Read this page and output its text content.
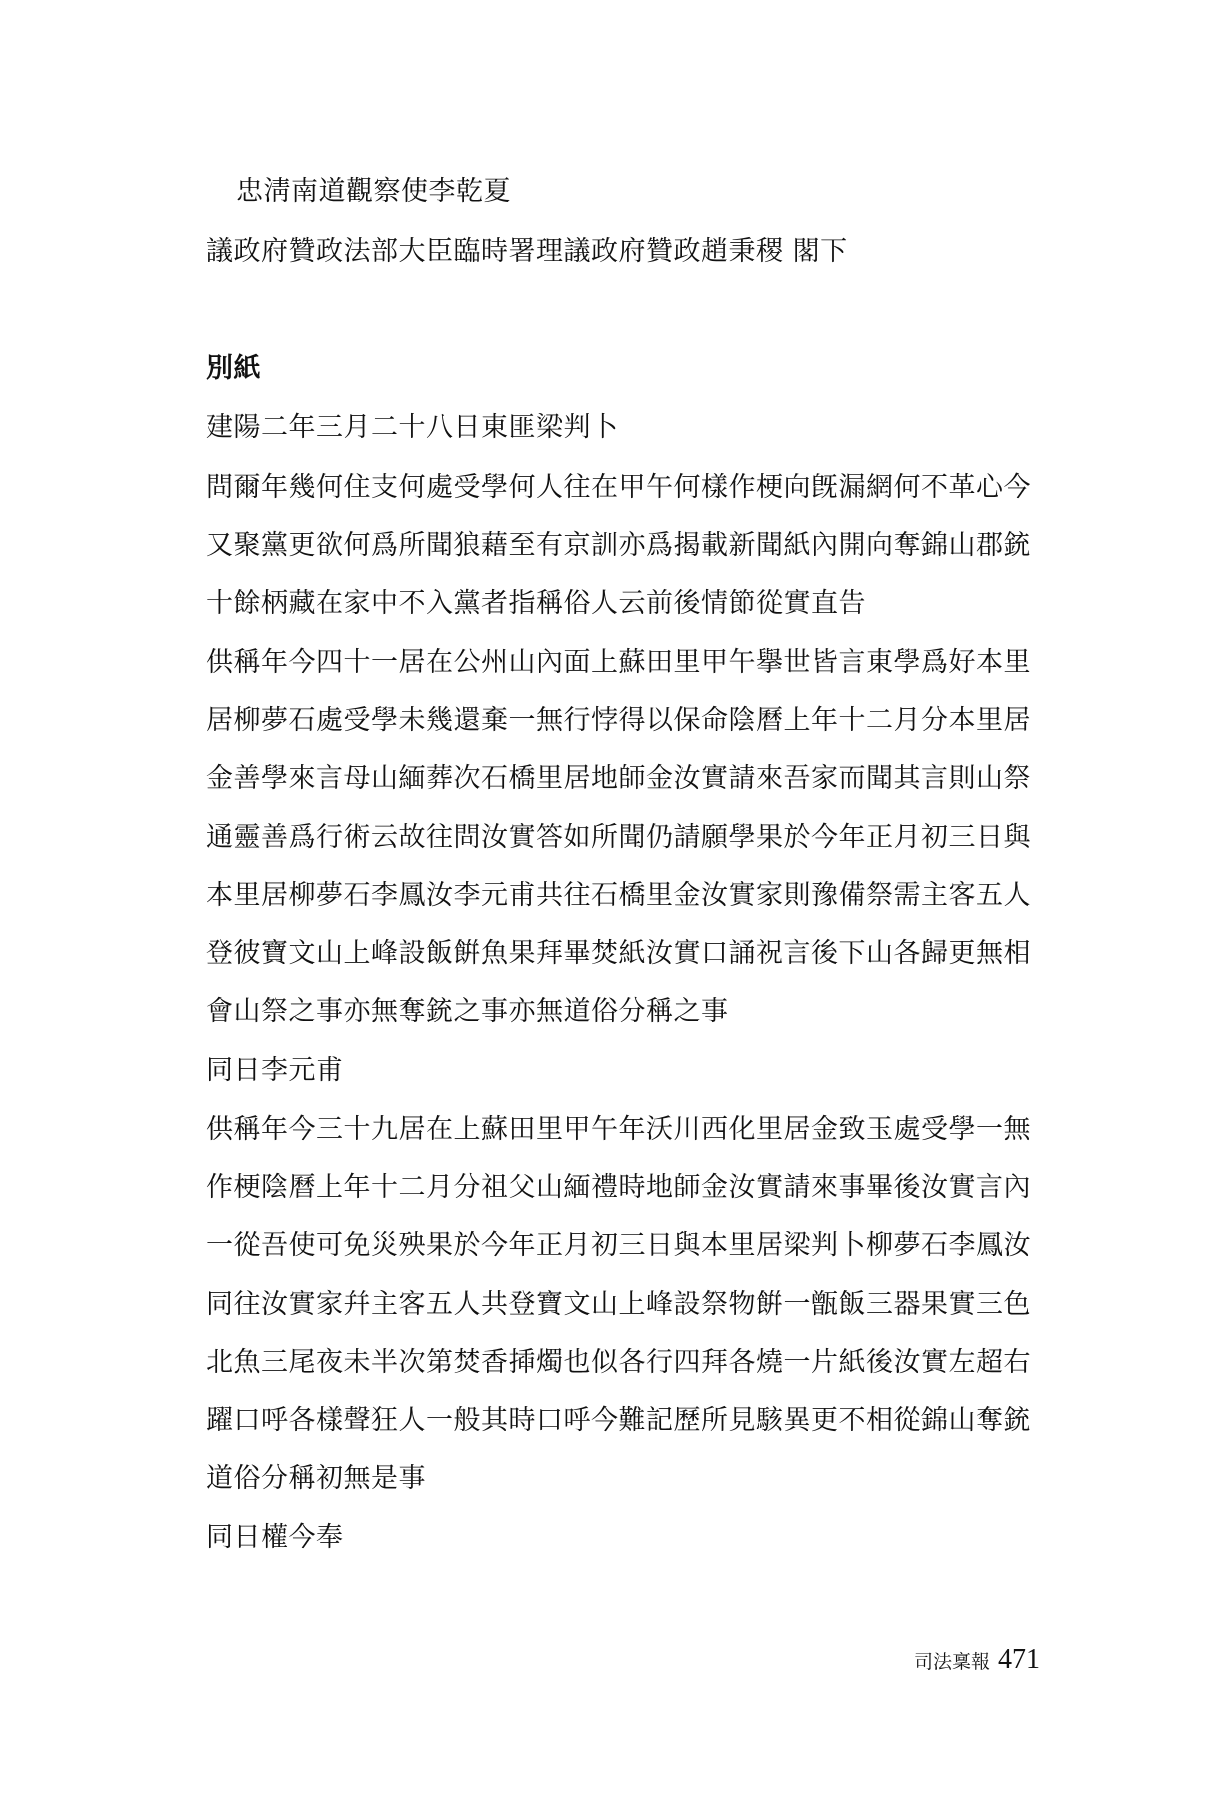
忠淸南道觀察使李乾夏
議政府贊政法部大臣臨時署理議政府贊政趙秉稷 閣下
別紙
建陽二年三月二十八日東匪梁判卜
問爾年幾何住支何處受學何人往在甲午何樣作梗向旣漏網何不革心今
又聚黨更欲何爲所聞狼藉至有京訓亦爲揭載新聞紙內開向奪錦山郡銃
十餘柄藏在家中不入黨者指稱俗人云前後情節從實直告
供稱年今四十一居在公州山內面上蘇田里甲午擧世皆言東學爲好本里
居柳夢石處受學未幾還棄一無行悖得以保命陰曆上年十二月分本里居
金善學來言母山緬葬次石橋里居地師金汝實請來吾家而聞其言則山祭
通靈善爲行術云故往問汝實答如所聞仍請願學果於今年正月初三日與
本里居柳夢石李鳳汝李元甫共往石橋里金汝實家則豫備祭需主客五人
登彼寶文山上峰設飯餠魚果拜畢焚紙汝實口誦祝言後下山各歸更無相
會山祭之事亦無奪銃之事亦無道俗分稱之事
同日李元甫
供稱年今三十九居在上蘇田里甲午年沃川西化里居金致玉處受學一無
作梗陰曆上年十二月分祖父山緬禮時地師金汝實請來事畢後汝實言內
一從吾使可免災殃果於今年正月初三日與本里居梁判卜柳夢石李鳳汝
同往汝實家幷主客五人共登寶文山上峰設祭物餠一甑飯三器果實三色
北魚三尾夜未半次第焚香揷燭也似各行四拜各燒一片紙後汝實左超右
躍口呼各樣聲狂人一般其時口呼今難記歷所見駭異更不相從錦山奪銃
道俗分稱初無是事
同日權今奉
司法稟報 471
